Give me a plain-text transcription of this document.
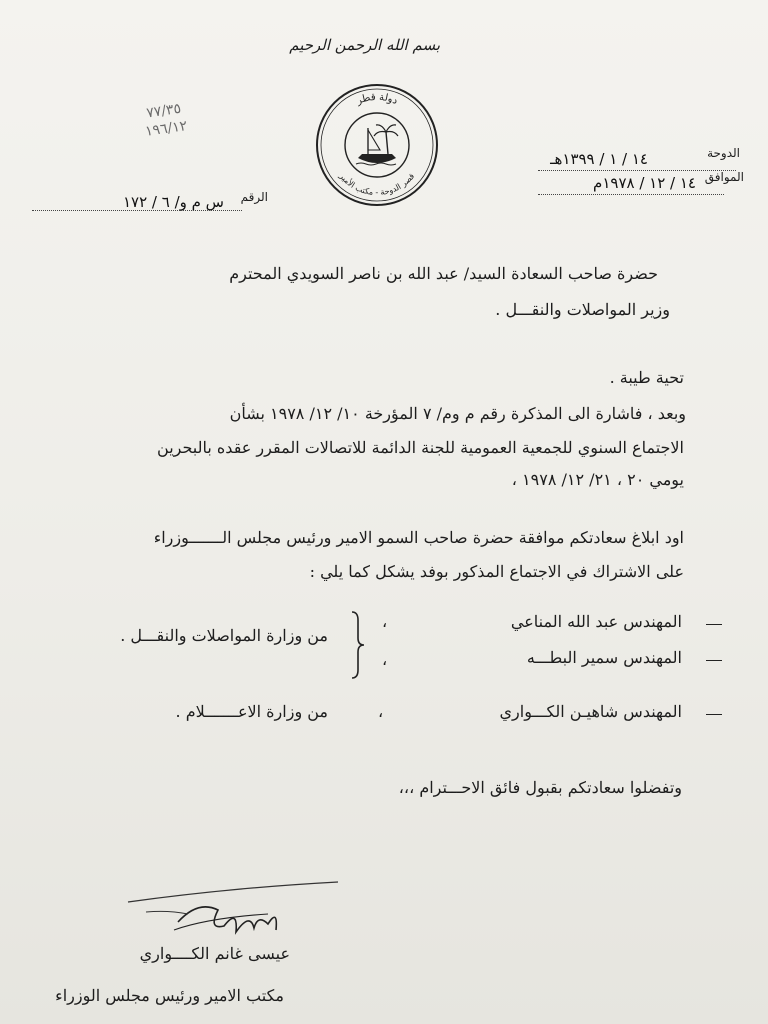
بسم الله الرحمن الرحيم
دولة قطر
قصر الدوحة - مكتب الأمير
٧٧/٣٥
١٩٦/١٢
الدوحة
١٤ / ١ / ١٣٩٩هـ
الموافق
١٤ / ١٢ / ١٩٧٨م
الرقم
س م و/ ٦ / ١٧٢
حضرة صاحب السعادة السيد/ عبد الله بن ناصر السويدي المحترم
وزير المواصلات والنقـــل .
تحية طيبة .
وبعد ، فاشارة الى المذكرة رقم م وم/ ٧ المؤرخة ١٠/ ١٢/ ١٩٧٨ بشأن
الاجتماع السنوي للجمعية العمومية للجنة الدائمة للاتصالات المقرر عقده بالبحرين
يومي ٢٠ ، ٢١/ ١٢/ ١٩٧٨ ،
اود ابلاغ سعادتكم موافقة حضرة صاحب السمو الامير ورئيس مجلس الـــــــوزراء
على الاشتراك في الاجتماع المذكور بوفد يشكل كما يلي :
المهندس عبد الله المناعي
،
المهندس سمير البطـــه
،
من وزارة المواصلات والنقـــل .
المهندس شاهيـن الكـــواري
،
من وزارة الاعـــــــلام .
وتفضلوا سعادتكم بقبول فائق الاحـــترام ،،،
عيسى غانم الكــــواري
مكتب الامير ورئيس مجلس الوزراء
